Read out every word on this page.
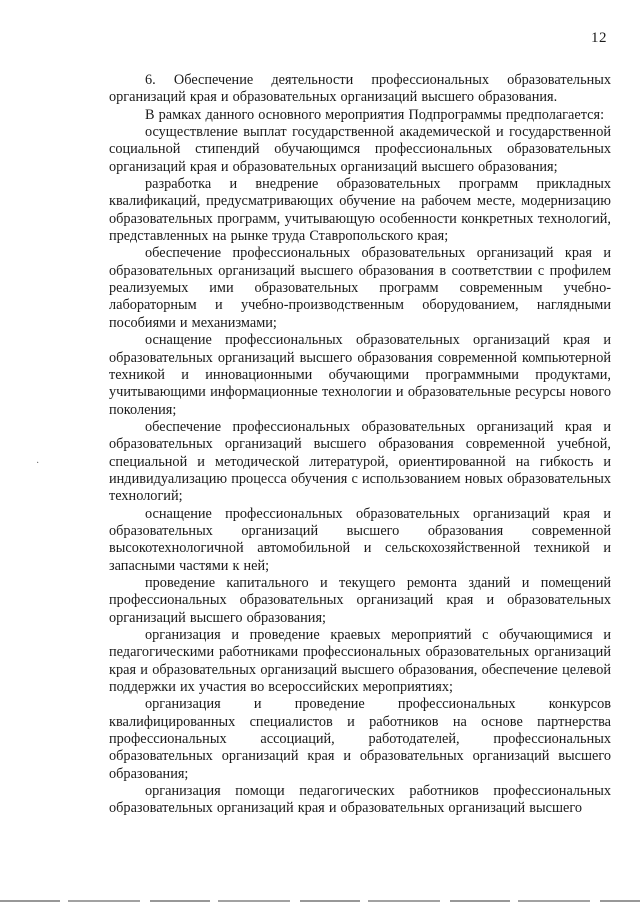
12
·

6. Обеспечение деятельности профессиональных образовательных организаций края и образовательных организаций высшего образования.

В рамках данного основного мероприятия Подпрограммы предполагается:

осуществление выплат государственной академической и государственной социальной стипендий обучающимся профессиональных образовательных организаций края и образовательных организаций высшего образования;

разработка и внедрение образовательных программ прикладных квалификаций, предусматривающих обучение на рабочем месте, модернизацию образовательных программ, учитывающую особенности конкретных технологий, представленных на рынке труда Ставропольского края;

обеспечение профессиональных образовательных организаций края и образовательных организаций высшего образования в соответствии с профилем реализуемых ими образовательных программ современным учебно-лабораторным и учебно-производственным оборудованием, наглядными пособиями и механизмами;

оснащение профессиональных образовательных организаций края и образовательных организаций высшего образования современной компьютерной техникой и инновационными обучающими программными продуктами, учитывающими информационные технологии и образовательные ресурсы нового поколения;

обеспечение профессиональных образовательных организаций края и образовательных организаций высшего образования современной учебной, специальной и методической литературой, ориентированной на гибкость и индивидуализацию процесса обучения с использованием новых образовательных технологий;

оснащение профессиональных образовательных организаций края и образовательных организаций высшего образования современной высокотехнологичной автомобильной и сельскохозяйственной техникой и запасными частями к ней;

проведение капитального и текущего ремонта зданий и помещений профессиональных образовательных организаций края и образовательных организаций высшего образования;

организация и проведение краевых мероприятий с обучающимися и педагогическими работниками профессиональных образовательных организаций края и образовательных организаций высшего образования, обеспечение целевой поддержки их участия во всероссийских мероприятиях;

организация и проведение профессиональных конкурсов квалифицированных специалистов и работников на основе партнерства профессиональных ассоциаций, работодателей, профессиональных образовательных организаций края и образовательных организаций высшего образования;

организация помощи педагогических работников профессиональных образовательных организаций края и образовательных организаций высшего
